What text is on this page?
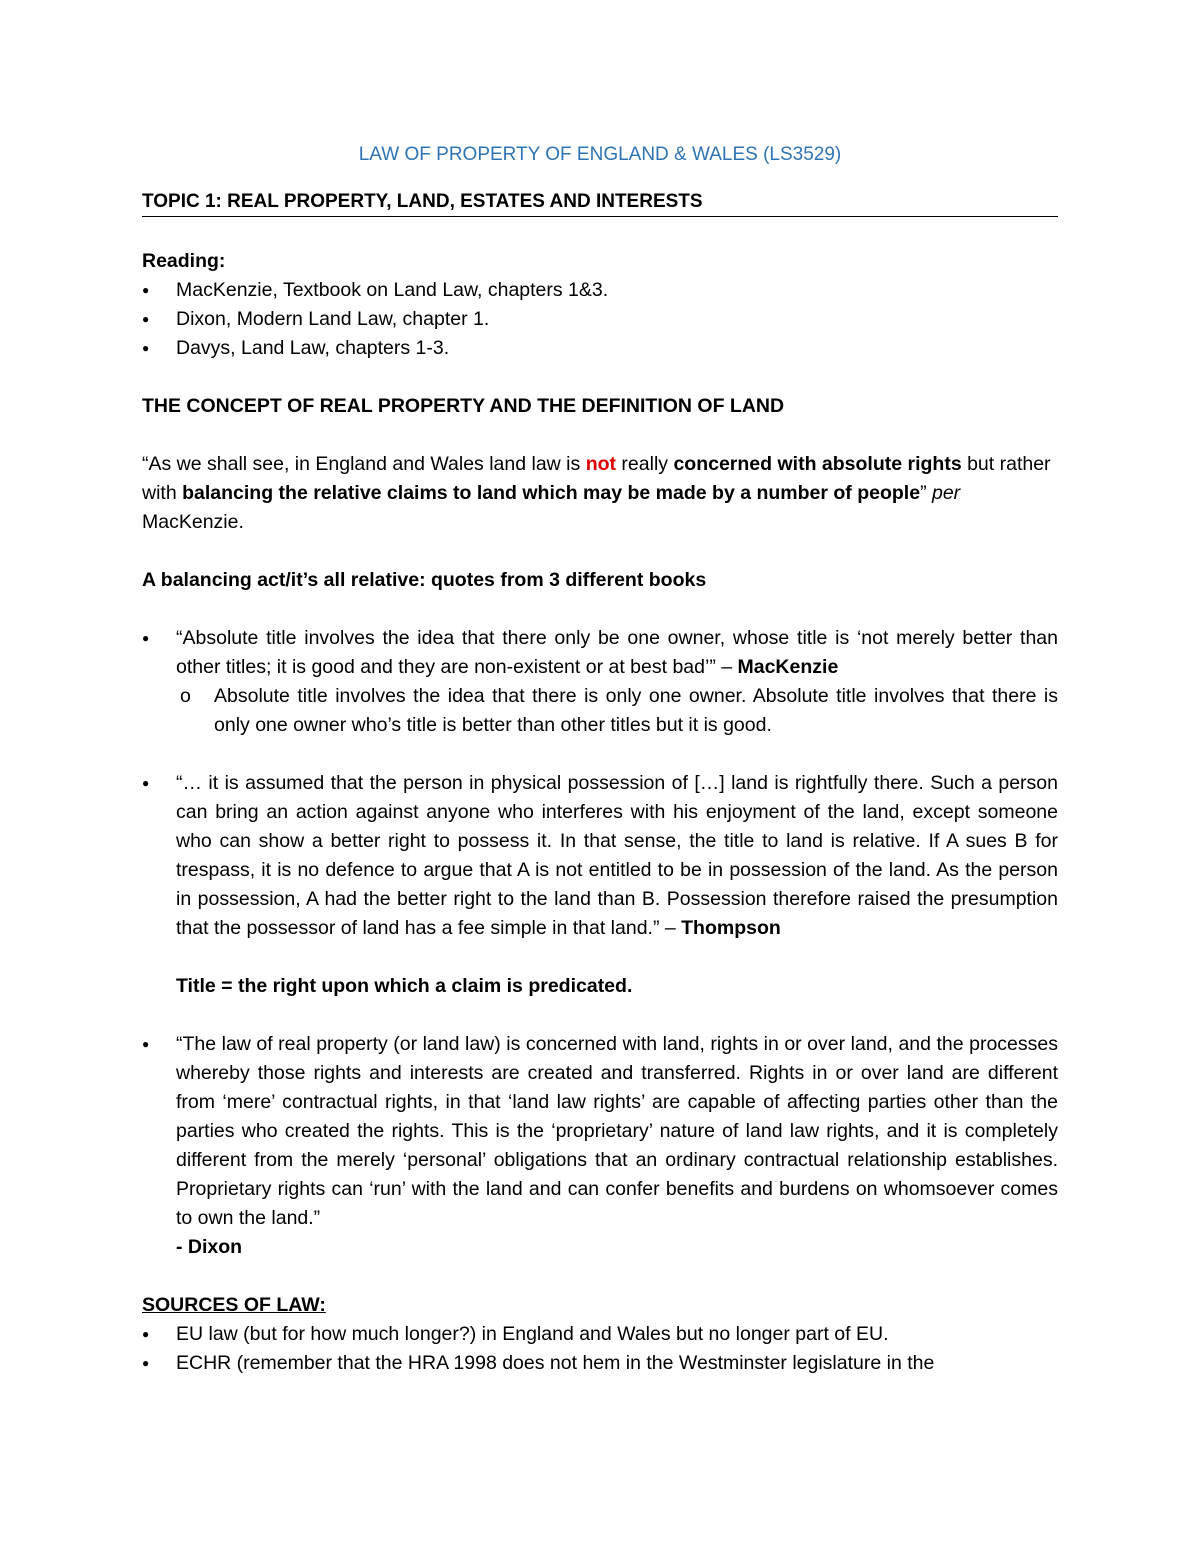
LAW OF PROPERTY OF ENGLAND & WALES (LS3529)
TOPIC 1: REAL PROPERTY, LAND, ESTATES AND INTERESTS

Reading:

● MacKenzie, Textbook on Land Law, chapters 1&3.
● Dixon, Modern Land Law, chapter 1.
● Davys, Land Law, chapters 1-3.

THE CONCEPT OF REAL PROPERTY AND THE DEFINITION OF LAND

“As we shall see, in England and Wales land law is not really concerned with absolute rights but rather with balancing the relative claims to land which may be made by a number of people” per MacKenzie.

A balancing act/it’s all relative: quotes from 3 different books

● “Absolute title involves the idea that there only be one owner, whose title is ‘not merely better than other titles; it is good and they are non-existent or at best bad’” – MacKenzie
o Absolute title involves the idea that there is only one owner. Absolute title involves that there is only one owner who’s title is better than other titles but it is good.
● “… it is assumed that the person in physical possession of […] land is rightfully there. Such a person can bring an action against anyone who interferes with his enjoyment of the land, except someone who can show a better right to possess it. In that sense, the title to land is relative. If A sues B for trespass, it is no defence to argue that A is not entitled to be in possession of the land. As the person in possession, A had the better right to the land than B. Possession therefore raised the presumption that the possessor of land has a fee simple in that land.” – Thompson

Title = the right upon which a claim is predicated.

● “The law of real property (or land law) is concerned with land, rights in or over land, and the processes whereby those rights and interests are created and transferred. Rights in or over land are different from ‘mere’ contractual rights, in that ‘land law rights’ are capable of affecting parties other than the parties who created the rights. This is the ‘proprietary’ nature of land law rights, and it is completely different from the merely ‘personal’ obligations that an ordinary contractual relationship establishes. Proprietary rights can ‘run’ with the land and can confer benefits and burdens on whomsoever comes to own the land.”
- Dixon

SOURCES OF LAW:

● EU law (but for how much longer?) in England and Wales but no longer part of EU.
● ECHR (remember that the HRA 1998 does not hem in the Westminster legislature in the
